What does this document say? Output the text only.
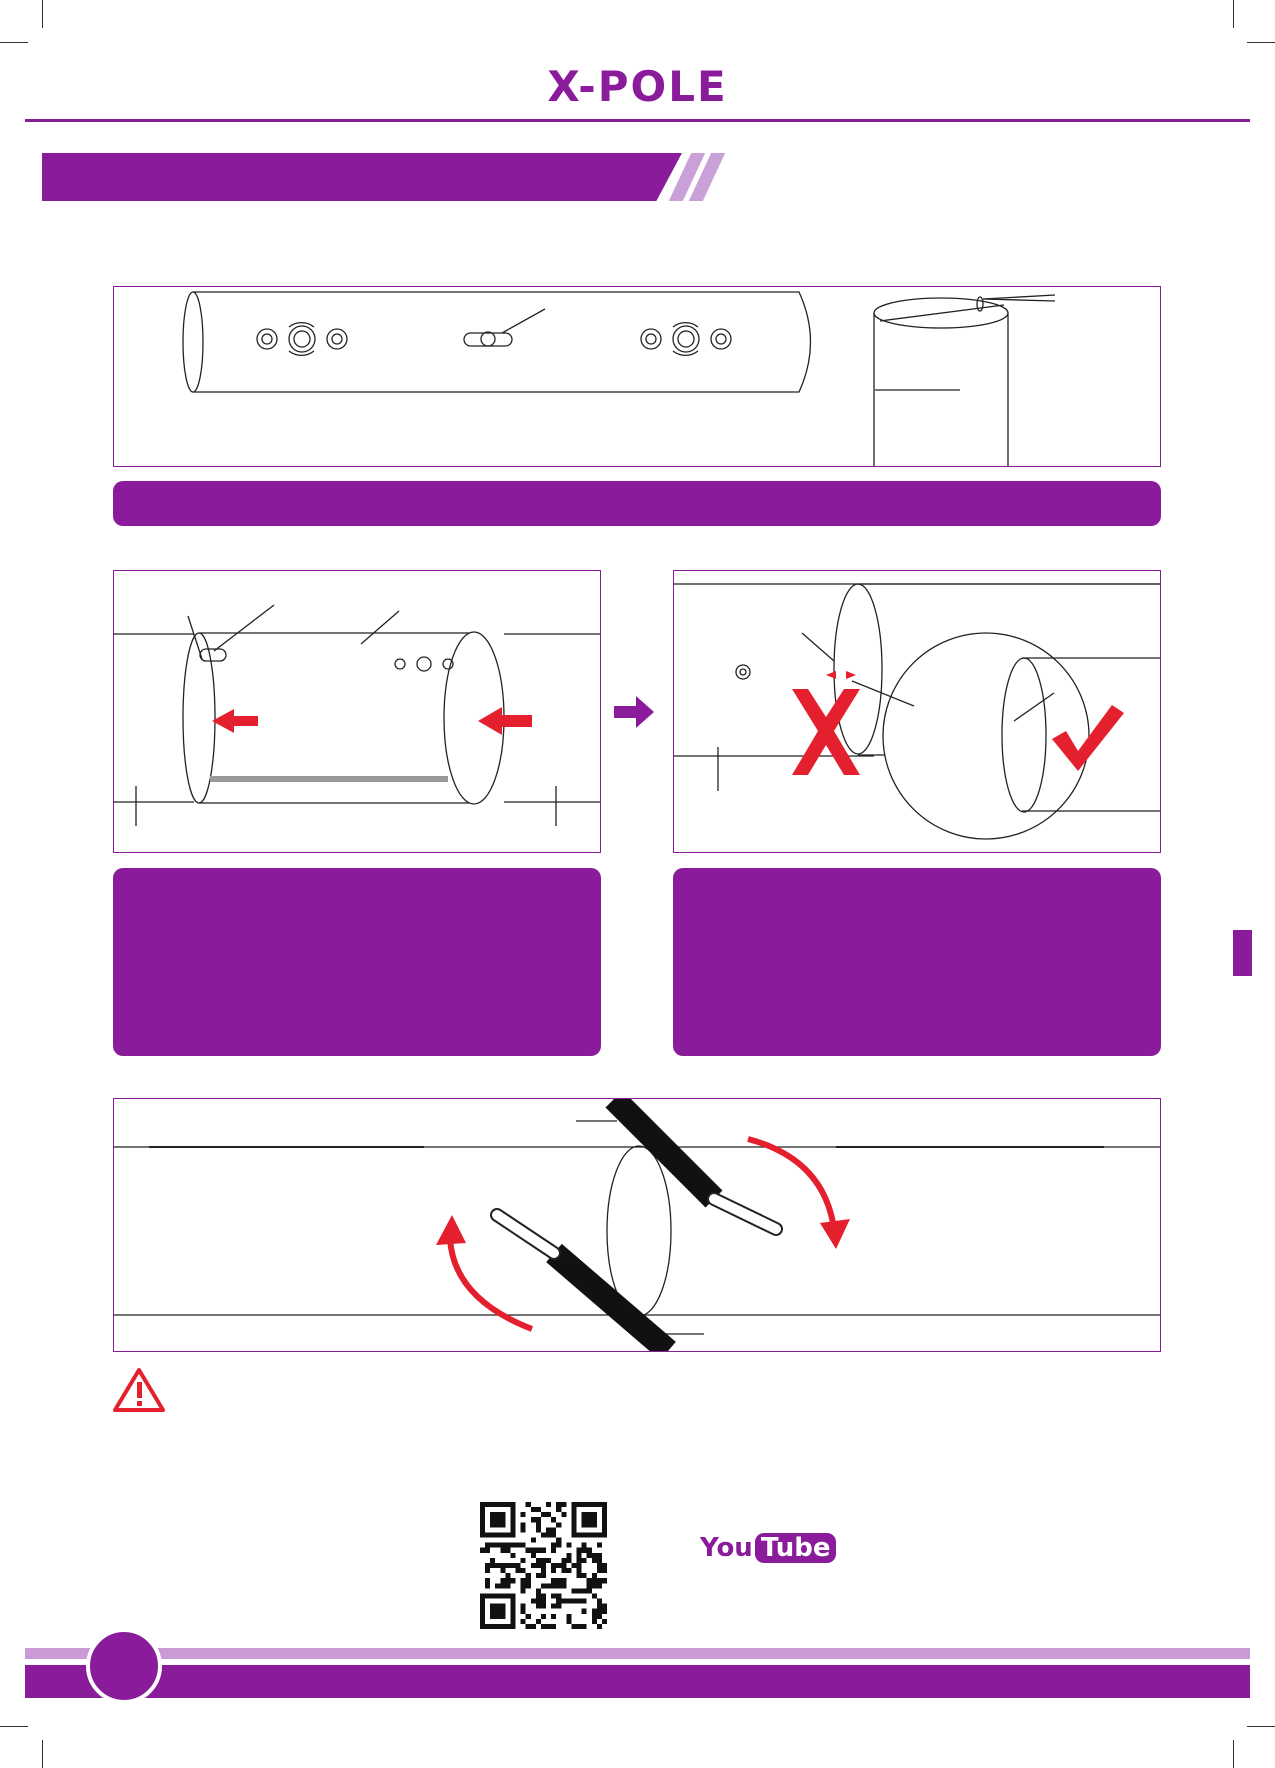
X-POLE
You Tube
